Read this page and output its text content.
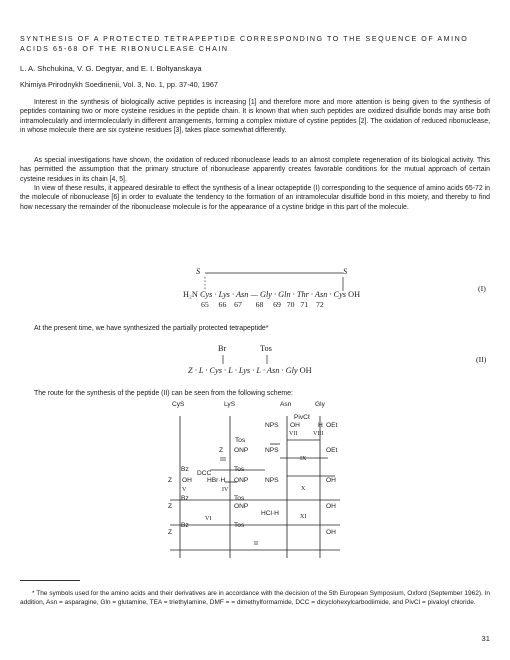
SYNTHESIS OF A PROTECTED TETRAPEPTIDE CORRESPONDING TO THE SEQUENCE OF AMINO ACIDS 65-68 OF THE RIBONUCLEASE CHAIN
L. A. Shchukina, V. G. Degtyar, and E. I. Boltyanskaya
Khimiya Prirodnykh Soedinenii, Vol. 3, No. 1, pp. 37-40, 1967

Interest in the synthesis of biologically active peptides is increasing [1] and therefore more and more attention is being given to the synthesis of peptides containing two or more cysteine residues in the peptide chain. It is known that when such peptides are oxidized disulfide bonds may arise both intramolecularly and intermolecularly in different arrangements, forming a complex mixture of cystine peptides [2]. The oxidation of reduced ribonuclease, in whose molecule there are six cysteine residues [3], takes place somewhat differently.

As special investigations have shown, the oxidation of reduced ribonuclease leads to an almost complete regeneration of its biological activity. This has permitted the assumption that the primary structure of ribonuclease apparently creates favorable conditions for the mutual approach of certain cysteine residues in its chain [4, 5].

In view of these results, it appeared desirable to effect the synthesis of a linear octapeptide (I) corresponding to the sequence of amino acids 65-72 in the molecule of ribonuclease [6] in order to evaluate the tendency to the formation of an intramolecular disulfide bond in this moiety, and thereby to find how necessary the remainder of the ribonuclease molecule is for the appearance of a cystine bridge in this part of the molecule.

S	S
H₂N Cys · Lys · Asn — Gly · Gln · Thr · Asn · Cys OH
65     66    67       68     69   70   71    72
(I)

At the present time, we have synthesized the partially protected tetrapeptide*

Br	Tos
Z · L · Cys · L · Lys · L · Asn · Gly OH
(II)

The route for the synthesis of the peptide (II) can be seen from the following scheme:

CyS	LyS	Asn	Gly
PivCℓ
NPS OH	H OEt
VII	VIII
Tos
Z ONP	NPS
III	IX
OEt
Bz
DCC
Tos
Z OH HBr·H ONP	NPS	OH
V	IV	X
Bz	Tos
Z	ONP
HCl·H
OH
VI	XI
Bz	Tos
Z	OH
II
* The symbols used for the amino acids and their derivatives are in accordance with the decision of the 5th European Symposium, Oxford (September 1962). In addition, Asn = asparagine, Gln = glutamine, TEA = triethylamine, DMF = = dimethylformamide, DCC = dicyclohexylcarbodiimide, and PivCl = pivaloyl chloride.
31
